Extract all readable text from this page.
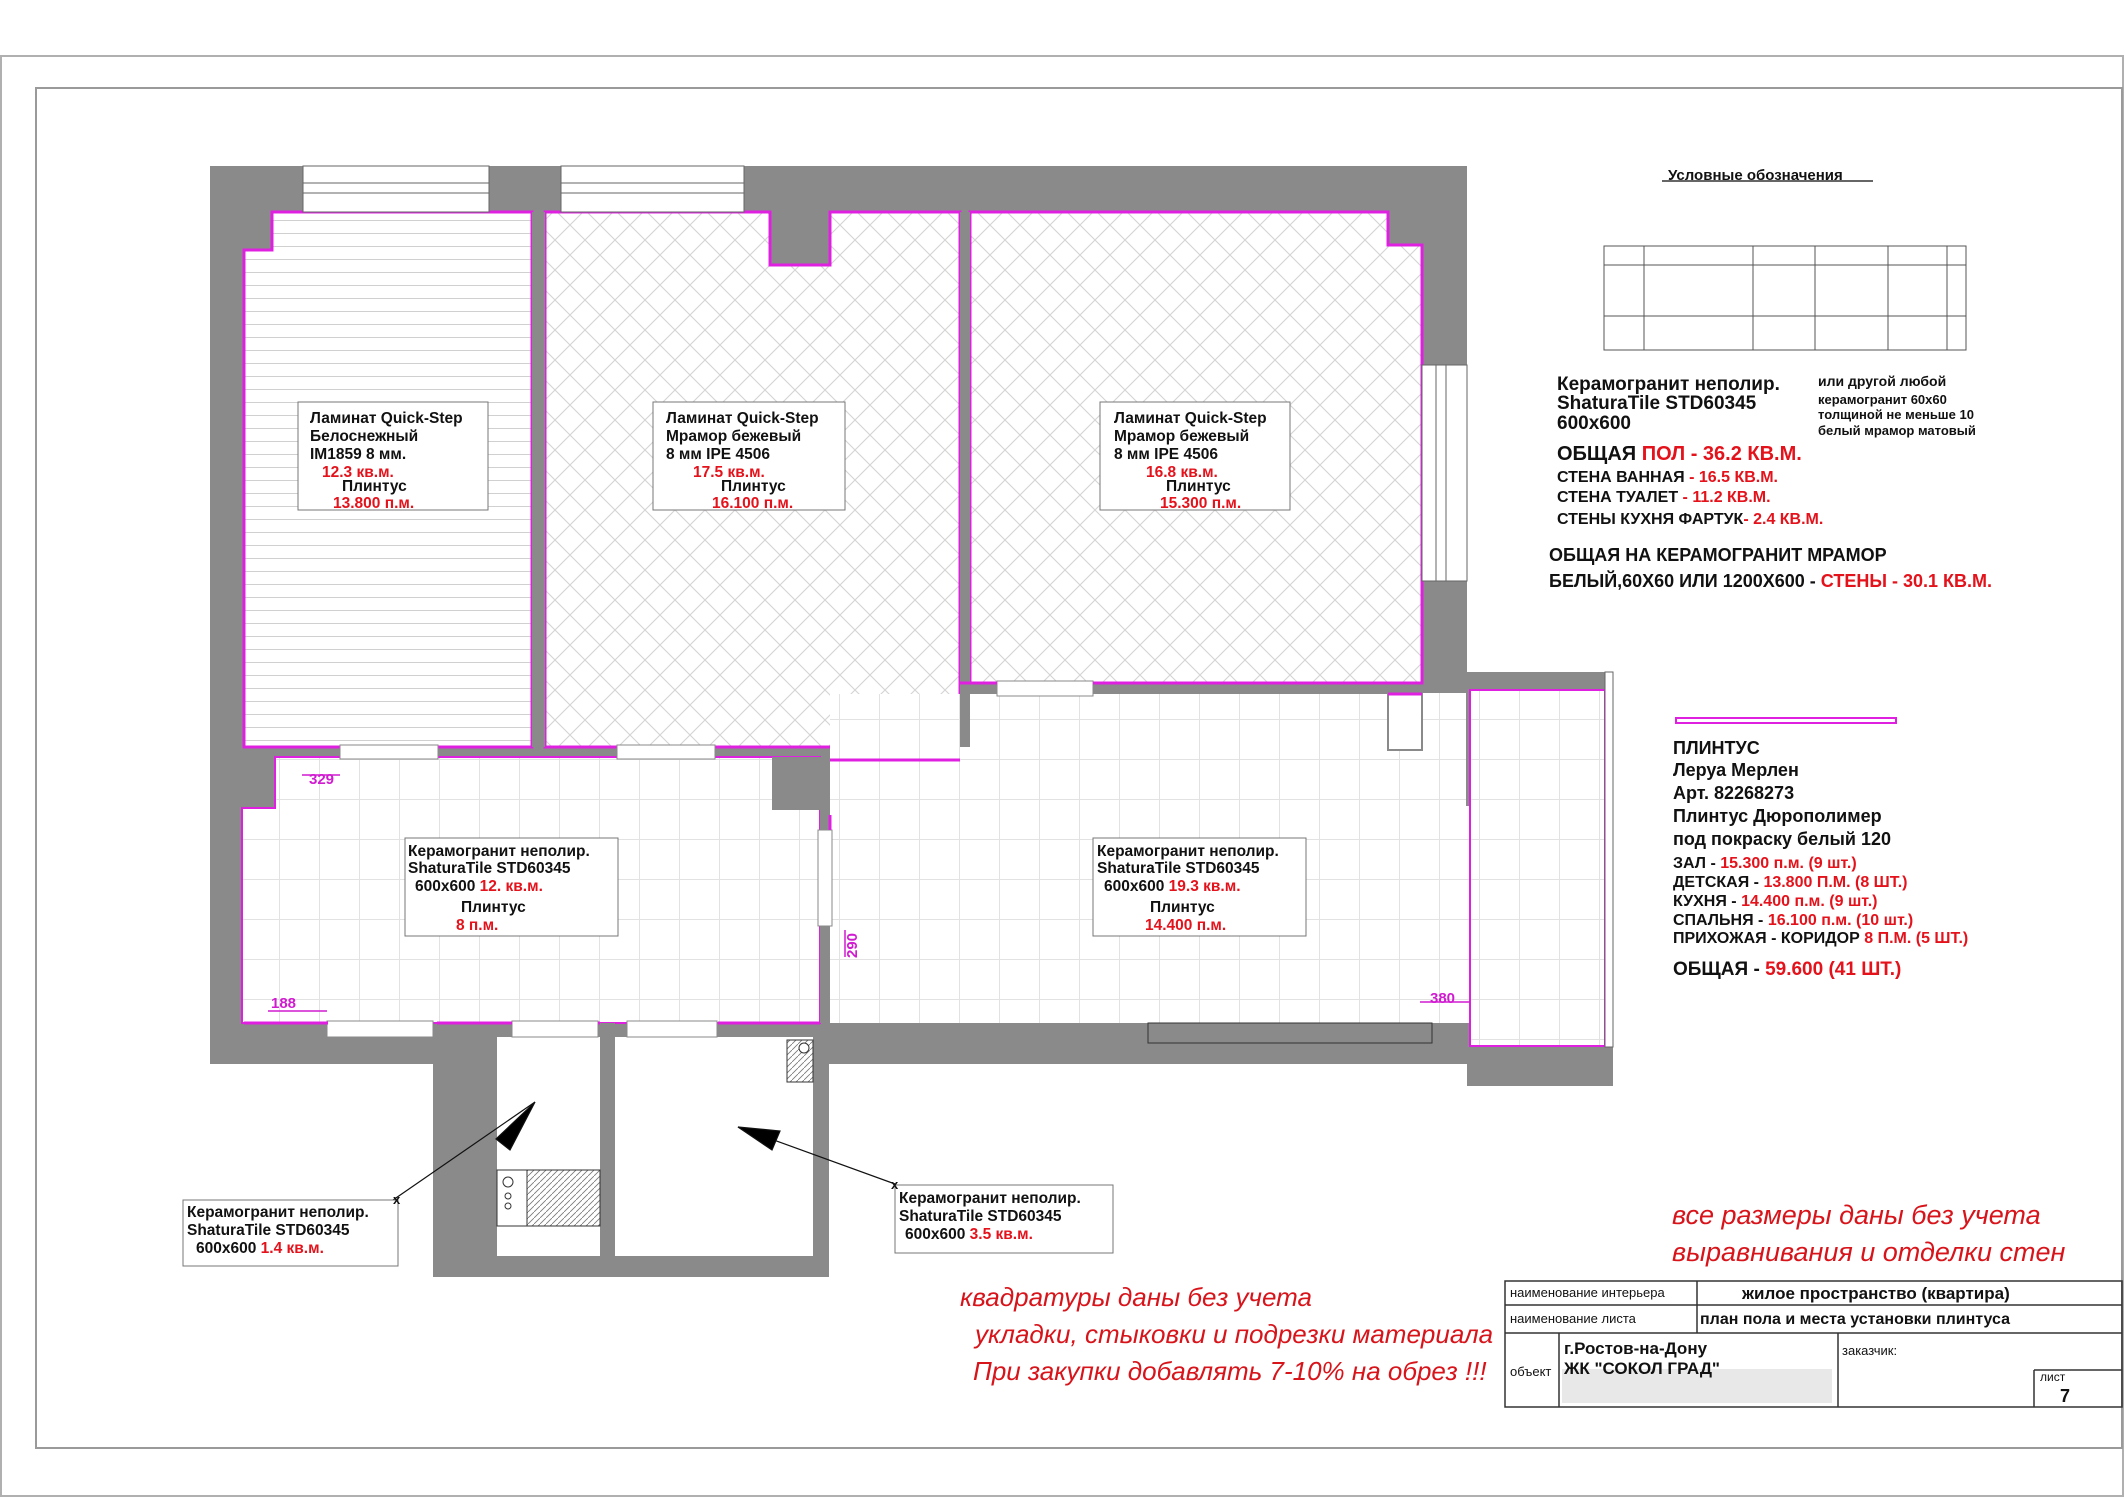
Условные обозначения
Керамогранит неполир.
ShaturaTile STD60345
600x600
или другой любой
керамогранит 60х60
толщиной не меньше 10
белый мрамор матовый
ОБЩАЯ ПОЛ - 36.2 КВ.М.
СТЕНА ВАННАЯ - 16.5 КВ.М.
СТЕНА ТУАЛЕТ - 11.2 КВ.М.
СТЕНЫ КУХНЯ ФАРТУК- 2.4 КВ.М.
ОБЩАЯ НА КЕРАМОГРАНИТ МРАМОР
БЕЛЫЙ,60Х60 ИЛИ 1200Х600 - СТЕНЫ - 30.1 КВ.М.
ПЛИНТУС
Леруа Мерлен
Арт. 82268273
Плинтус Дюрополимер
под покраску белый 120
ЗАЛ - 15.300 п.м. (9 шт.)
ДЕТСКАЯ - 13.800 П.М. (8 ШТ.)
КУХНЯ - 14.400 п.м. (9 шт.)
СПАЛЬНЯ - 16.100 п.м. (10 шт.)
ПРИХОЖАЯ - КОРИДОР 8 П.М. (5 ШТ.)
ОБЩАЯ - 59.600 (41 ШТ.)
Ламинат Quick-Step
Белоснежный
IM1859 8 мм.
12.3 кв.м.
Плинтус
13.800 п.м.
Ламинат Quick-Step
Мрамор бежевый
8 мм IPE 4506
17.5 кв.м.
Плинтус
16.100 п.м.
Ламинат Quick-Step
Мрамор бежевый
8 мм IPE 4506
16.8 кв.м.
Плинтус
15.300 п.м.
Керамогранит неполир.
ShaturaTile STD60345
600x600 12. кв.м.
Плинтус
8 п.м.
Керамогранит неполир.
ShaturaTile STD60345
600x600 19.3 кв.м.
Плинтус
14.400 п.м.
Керамогранит неполир.
ShaturaTile STD60345
600x600 1.4 кв.м.
Керамогранит неполир.
ShaturaTile STD60345
600x600 3.5 кв.м.
x
x
329
188
290
380
все размеры даны без учета
выравнивания и отделки стен
квадратуры даны без учета
укладки, стыковки и подрезки материала
При закупки добавлять 7-10% на обрез !!!
наименование интерьера	жилое пространство (квартира)
наименование листа	план пола и места установки плинтуса
объект
г.Ростов-на-Дону
ЖК "СОКОЛ ГРАД"
заказчик:
лист
7
